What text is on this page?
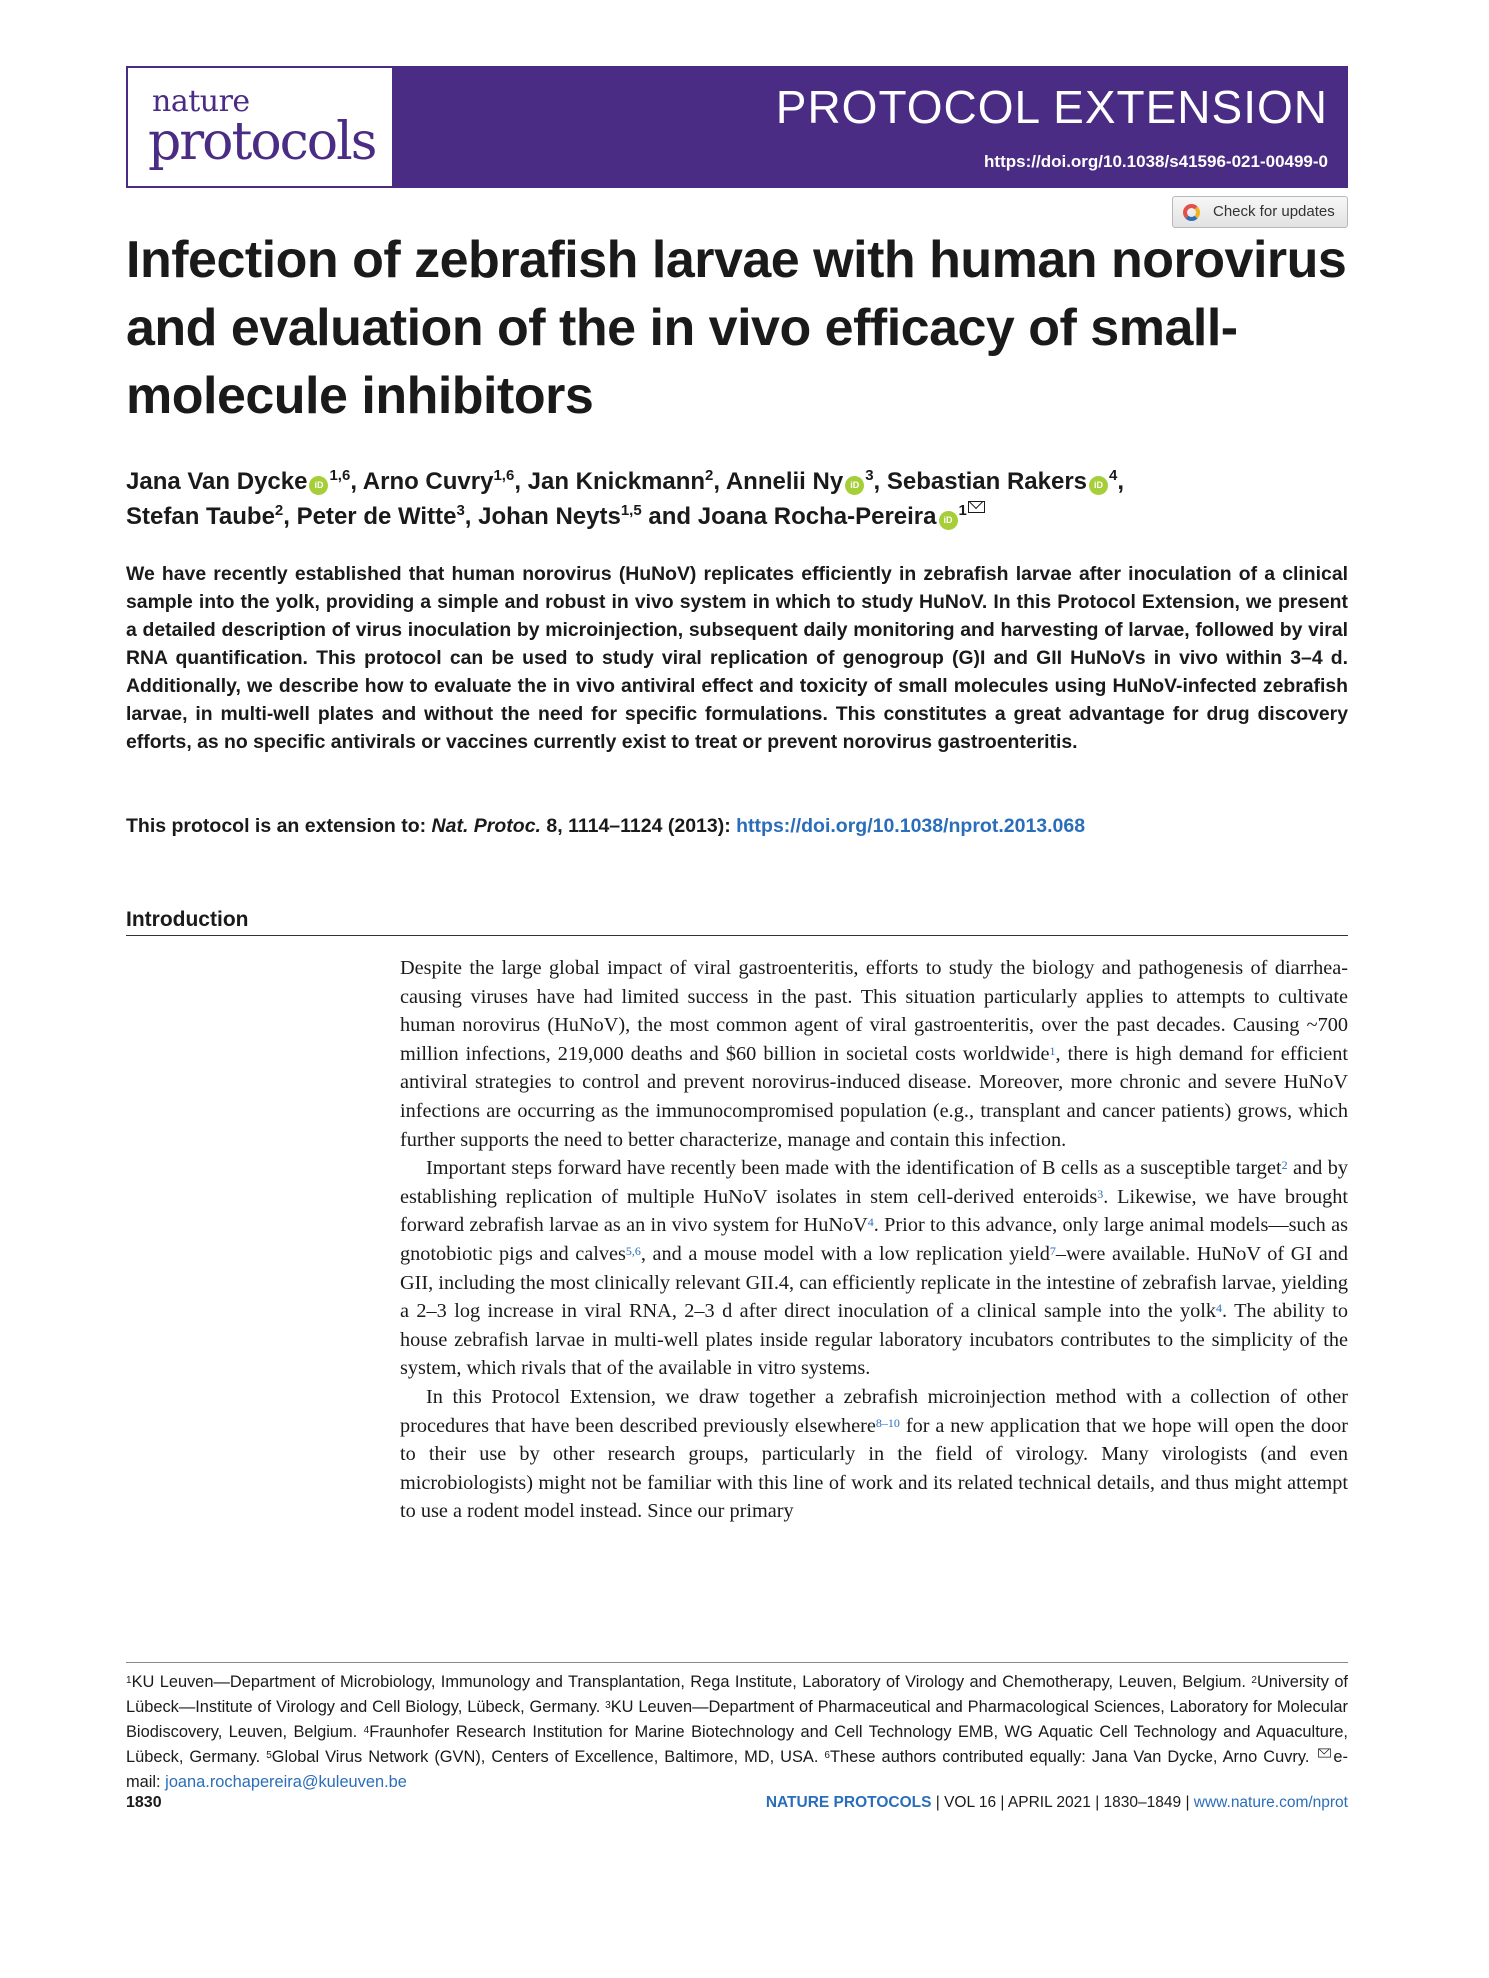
nature
protocols
PROTOCOL EXTENSION
https://doi.org/10.1038/s41596-021-00499-0
Check for updates
Infection of zebrafish larvae with human norovirus and evaluation of the in vivo efficacy of small-molecule inhibitors
Jana Van Dycke iD$^{1,6}$, Arno Cuvry$^{1,6}$, Jan Knickmann$^2$, Annelii Ny $iD^3$, Sebastian Rakers $iD^4$,
Stefan Taube$^2$, Peter de Witte$^3$, Johan Neyts$^{1,5}$ and Joana Rocha-Pereira $iD^1$

We have recently established that human norovirus (HuNoV) replicates efficiently in zebrafish larvae after inoculation of a clinical sample into the yolk, providing a simple and robust in vivo system in which to study HuNoV. In this Protocol Extension, we present a detailed description of virus inoculation by microinjection, subsequent daily monitoring and harvesting of larvae, followed by viral RNA quantification. This protocol can be used to study viral replication of genogroup (G)I and GII HuNoVs in vivo within 3–4 d. Additionally, we describe how to evaluate the in vivo antiviral effect and toxicity of small molecules using HuNoV-infected zebrafish larvae, in multi-well plates and without the need for specific formulations. This constitutes a great advantage for drug discovery efforts, as no specific antivirals or vaccines currently exist to treat or prevent norovirus gastroenteritis.

This protocol is an extension to: Nat. Protoc. 8, 1114–1124 (2013): https://doi.org/10.1038/nprot.2013.068

Introduction

Despite the large global impact of viral gastroenteritis, efforts to study the biology and pathogenesis of diarrhea-causing viruses have had limited success in the past. This situation particularly applies to attempts to cultivate human norovirus (HuNoV), the most common agent of viral gastroenteritis, over the past decades. Causing ~700 million infections, 219,000 deaths and $60 billion in societal costs worldwide$^1$, there is high demand for efficient antiviral strategies to control and prevent norovirus-induced disease. Moreover, more chronic and severe HuNoV infections are occurring as the immunocompromised population (e.g., transplant and cancer patients) grows, which further supports the need to better characterize, manage and contain this infection.

Important steps forward have recently been made with the identification of B cells as a susceptible target$^2$ and by establishing replication of multiple HuNoV isolates in stem cell-derived enteroids$^3$. Likewise, we have brought forward zebrafish larvae as an in vivo system for HuNoV$^4$. Prior to this advance, only large animal models—such as gnotobiotic pigs and calves$^{5,6}$, and a mouse model with a low replication yield$^7$–were available. HuNoV of GI and GII, including the most clinically relevant GII.4, can efficiently replicate in the intestine of zebrafish larvae, yielding a 2–3 log increase in viral RNA, 2–3 d after direct inoculation of a clinical sample into the yolk$^4$. The ability to house zebrafish larvae in multi-well plates inside regular laboratory incubators contributes to the simplicity of the system, which rivals that of the available in vitro systems.

In this Protocol Extension, we draw together a zebrafish microinjection method with a collection of other procedures that have been described previously elsewhere$^{8-10}$ for a new application that we hope will open the door to their use by other research groups, particularly in the field of virology. Many virologists (and even microbiologists) might not be familiar with this line of work and its related technical details, and thus might attempt to use a rodent model instead. Since our primary

$^1$KU Leuven—Department of Microbiology, Immunology and Transplantation, Rega Institute, Laboratory of Virology and Chemotherapy, Leuven, Belgium. $^2$University of Lübeck—Institute of Virology and Cell Biology, Lübeck, Germany. $^3$KU Leuven—Department of Pharmaceutical and Pharmacological Sciences, Laboratory for Molecular Biodiscovery, Leuven, Belgium. $^4$Fraunhofer Research Institution for Marine Biotechnology and Cell Technology EMB, WG Aquatic Cell Technology and Aquaculture, Lübeck, Germany. $^5$Global Virus Network (GVN), Centers of Excellence, Baltimore, MD, USA. $^6$These authors contributed equally: Jana Van Dycke, Arno Cuvry. e-mail: joana.rochapereira@kuleuven.be

1830	NATURE PROTOCOLS | VOL 16 | APRIL 2021 | 1830–1849 | www.nature.com/nprot
